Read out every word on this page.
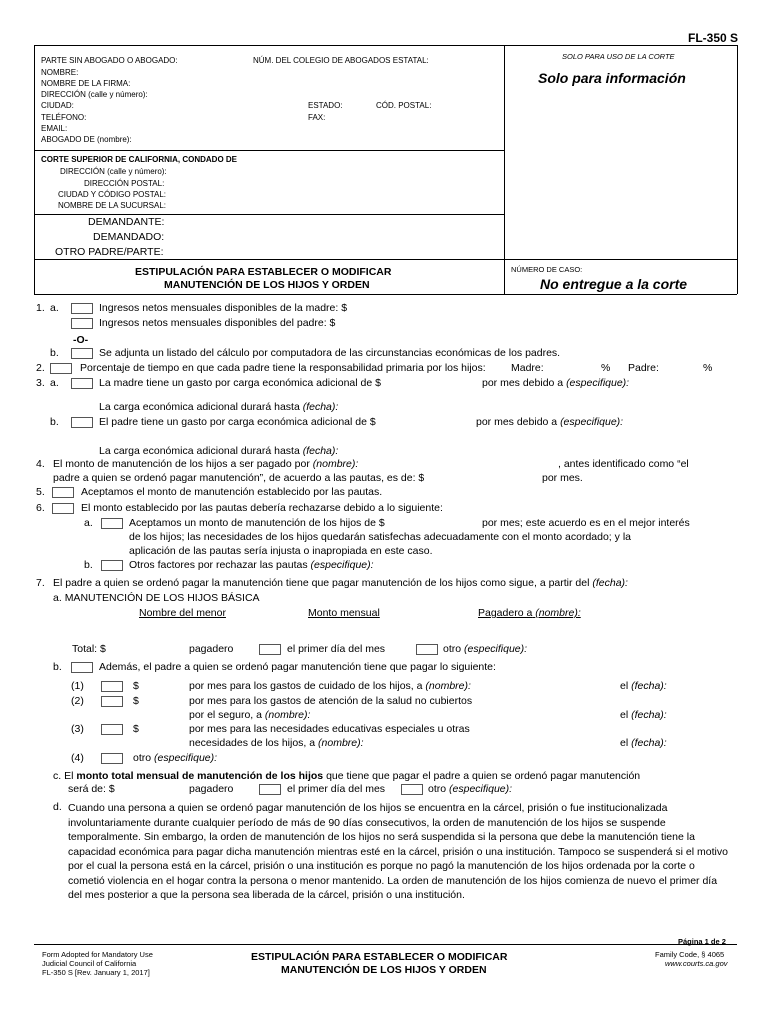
FL-350 S
PARTE SIN ABOGADO O ABOGADO:	NÚM. DEL COLEGIO DE ABOGADOS ESTATAL:
NOMBRE:
NOMBRE DE LA FIRMA:
DIRECCIÓN (calle y número):
CIUDAD:	ESTADO:	CÓD. POSTAL:
TELÉFONO:	FAX:
EMAIL:
ABOGADO DE (nombre):
CORTE SUPERIOR DE CALIFORNIA, CONDADO DE
DIRECCIÓN (calle y número):
DIRECCIÓN POSTAL:
CIUDAD Y CÓDIGO POSTAL:
NOMBRE DE LA SUCURSAL:
DEMANDANTE:
DEMANDADO:
OTRO PADRE/PARTE:
ESTIPULACIÓN PARA ESTABLECER O MODIFICAR
MANUTENCIÓN DE LOS HIJOS Y ORDEN
SOLO PARA USO DE LA CORTE
Solo para información
NÚMERO DE CASO:
No entregue a la corte
1. a.	Ingresos netos mensuales disponibles de la madre: $
Ingresos netos mensuales disponibles del padre: $
-O-
b.	Se adjunta un listado del cálculo por computadora de las circunstancias económicas de los padres.
2.	Porcentaje de tiempo en que cada padre tiene la responsabilidad primaria por los hijos: Madre:	% Padre:	%
3. a.	La madre tiene un gasto por carga económica adicional de $	por mes debido a (especifique):
La carga económica adicional durará hasta (fecha):
b.	El padre tiene un gasto por carga económica adicional de $	por mes debido a (especifique):
La carga económica adicional durará hasta (fecha):
4. El monto de manutención de los hijos a ser pagado por (nombre):	, antes identificado como “el
padre a quien se ordenó pagar manutención”, de acuerdo a las pautas, es de: $	por mes.
5.	Aceptamos el monto de manutención establecido por las pautas.
6.	El monto establecido por las pautas debería rechazarse debido a lo siguiente:
a.	Aceptamos un monto de manutención de los hijos de $	por mes; este acuerdo es en el mejor interés
de los hijos; las necesidades de los hijos quedarán satisfechas adecuadamente con el monto acordado; y la
aplicación de las pautas sería injusta o inapropiada en este caso.
b.	Otros factores por rechazar las pautas (especifique):
7. El padre a quien se ordenó pagar la manutención tiene que pagar manutención de los hijos como sigue, a partir del (fecha):
a. MANUTENCIÓN DE LOS HIJOS BÁSICA
Nombre del menor	Monto mensual	Pagadero a (nombre):
Total: $	pagadero	el primer día del mes	otro (especifique):
b.	Además, el padre a quien se ordenó pagar manutención tiene que pagar lo siguiente:
(1)	$	por mes para los gastos de cuidado de los hijos, a (nombre):	el (fecha):
(2)	$	por mes para los gastos de atención de la salud no cubiertos
por el seguro, a (nombre):	el (fecha):
(3)	$	por mes para las necesidades educativas especiales u otras
necesidades de los hijos, a (nombre):	el (fecha):
(4)	otro (especifique):
c. El monto total mensual de manutención de los hijos que tiene que pagar el padre a quien se ordenó pagar manutención
será de: $	pagadero	el primer día del mes	otro (especifique):
d. Cuando una persona a quien se ordenó pagar manutención de los hijos se encuentra en la cárcel, prisión o fue institucionalizada involuntariamente durante cualquier período de más de 90 días consecutivos, la orden de manutención de los hijos se suspende temporalmente. Sin embargo, la orden de manutención de los hijos no será suspendida si la persona que debe la manutención tiene la capacidad económica para pagar dicha manutención mientras esté en la cárcel, prisión o una institución. Tampoco se suspenderá si el motivo por el cual la persona está en la cárcel, prisión o una institución es porque no pagó la manutención de los hijos ordenada por la corte o cometió violencia en el hogar contra la persona o menor mantenido. La orden de manutención de los hijos comienza de nuevo el primer día del mes posterior a que la persona sea liberada de la cárcel, prisión o una institución.
Form Adopted for Mandatory Use
Judicial Council of California
FL-350 S [Rev. January 1, 2017]
ESTIPULACIÓN PARA ESTABLECER O MODIFICAR
MANUTENCIÓN DE LOS HIJOS Y ORDEN
Página 1 de 2
Family Code, § 4065
www.courts.ca.gov
